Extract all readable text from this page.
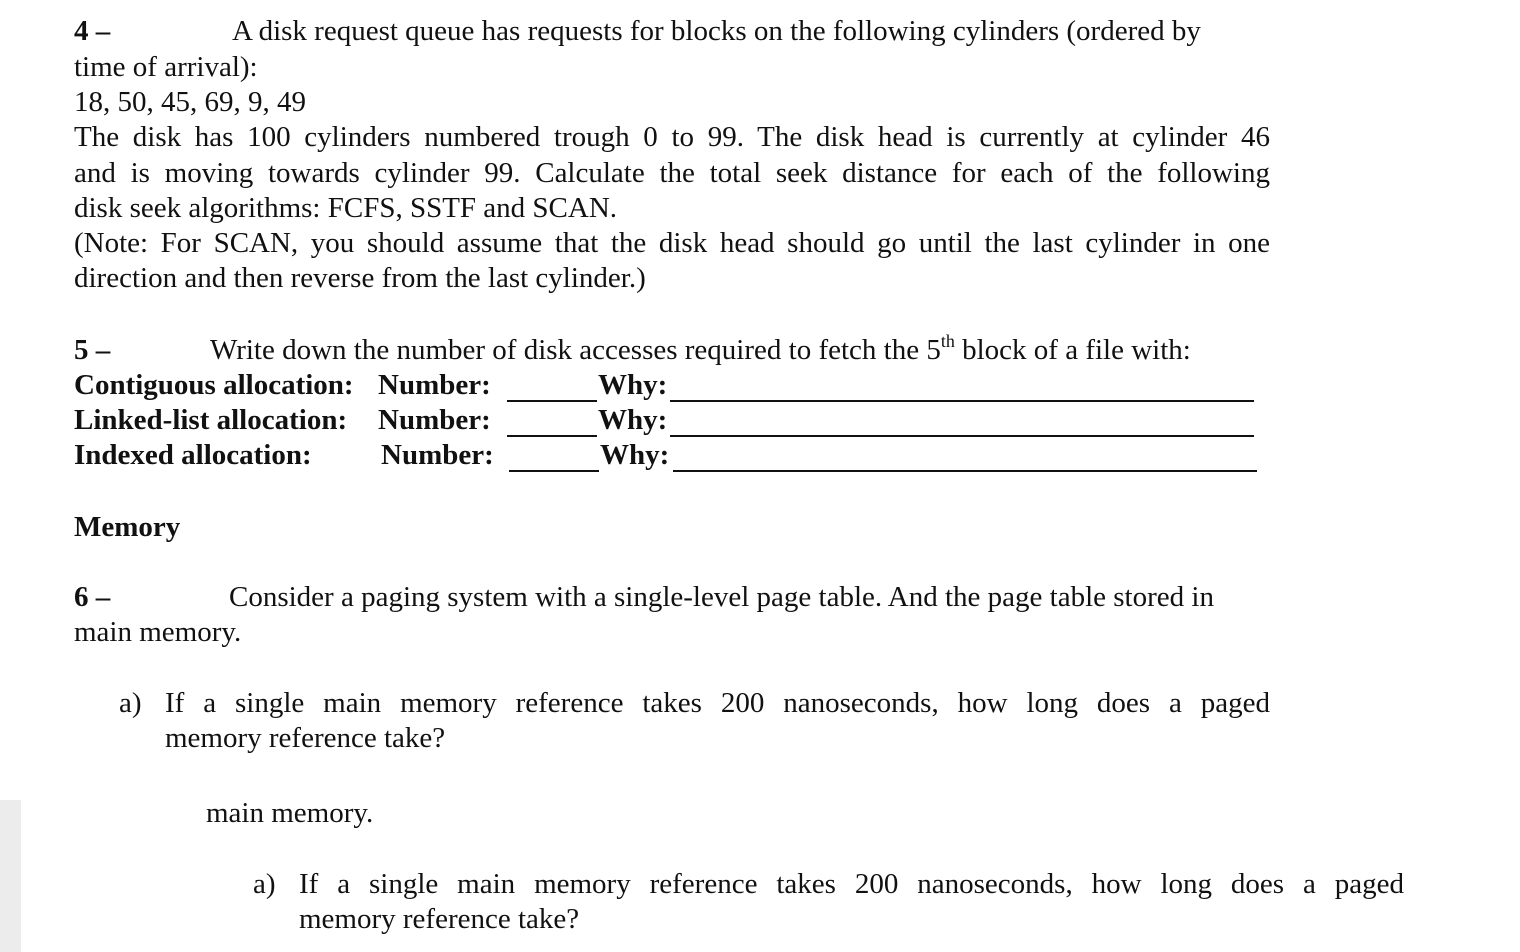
4 –	A disk request queue has requests for blocks on the following cylinders (ordered by
time of arrival):
18, 50, 45, 69, 9, 49
The disk has 100 cylinders numbered trough 0 to 99. The disk head is currently at cylinder 46
and is moving towards cylinder 99. Calculate the total seek distance for each of the following
disk seek algorithms: FCFS, SSTF and SCAN.
(Note: For SCAN, you should assume that the disk head should go until the last cylinder in one
direction and then reverse from the last cylinder.)
5 –	Write down the number of disk accesses required to fetch the 5th block of a file with:
Contiguous allocation: Number:	Why:
Linked-list allocation: Number:	Why:
Indexed allocation: Number:	Why:
Memory
6 –	Consider a paging system with a single-level page table. And the page table stored in
main memory.
a) If a single main memory reference takes 200 nanoseconds, how long does a paged
memory reference take?
main memory.
a) If a single main memory reference takes 200 nanoseconds, how long does a paged
memory reference take?
